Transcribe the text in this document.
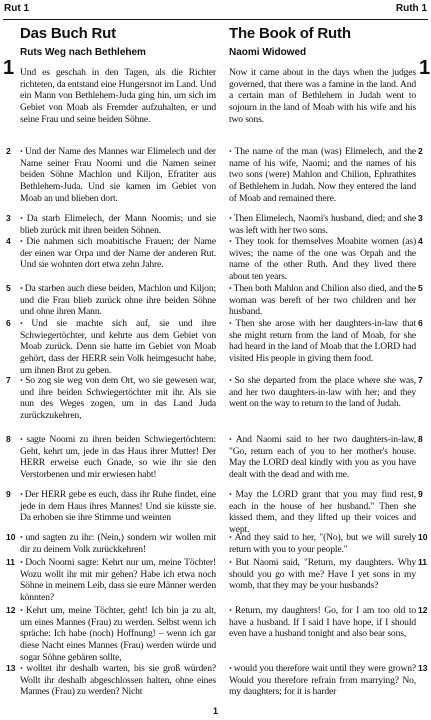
Rut 1	Ruth 1
1	1
Das Buch Rut
Ruts Weg nach Bethlehem
Und es geschah in den Tagen, als die Richter richteten, da entstand eine Hungersnot im Land. Und ein Mann von Bethlehem-Juda ging hin, um sich im Gebiet von Moab als Fremder aufzuhalten, er und seine Frau und seine beiden Söhne.
• Und der Name des Mannes war Elimelech und der Name seiner Frau Noomi und die Namen seiner beiden Söhne Machlon und Kiljon, Efratiter aus Bethlehem-Juda. Und sie kamen im Gebiet von Moab an und blieben dort.
• Da starb Elimelech, der Mann Noomis; und sie blieb zurück mit ihren beiden Söhnen.
• Die nahmen sich moabitische Frauen; der Name der einen war Orpa und der Name der anderen Rut. Und sie wohnten dort etwa zehn Jahre.
• Da starben auch diese beiden, Machlon und Kiljon; und die Frau blieb zurück ohne ihre beiden Söhne und ohne ihren Mann.
• Und sie machte sich auf, sie und ihre Schwiegertöchter, und kehrte aus dem Gebiet von Moab zurück. Denn sie hatte im Gebiet von Moab gehört, dass der HERR sein Volk heimgesucht habe, um ihnen Brot zu geben.
• So zog sie weg von dem Ort, wo sie gewesen war, und ihre beiden Schwiegertöchter mit ihr. Als sie nun des Weges zogen, um in das Land Juda zurückzukehren,
• sagte Noomi zu ihren beiden Schwiegertöchtern: Geht, kehrt um, jede in das Haus ihrer Mutter! Der HERR erweise euch Gnade, so wie ihr sie den Verstorbenen und mir erwiesen habt!
• Der HERR gebe es euch, dass ihr Ruhe findet, eine jede in dem Haus ihres Mannes! Und sie küsste sie. Da erhoben sie ihre Stimme und weinten
• und sagten zu ihr: (Nein,) sondern wir wollen mit dir zu deinem Volk zurückkehren!
• Doch Noomi sagte: Kehrt nur um, meine Töchter! Wozu wollt ihr mit mir gehen? Habe ich etwa noch Söhne in meinem Leib, dass sie eure Männer werden könnten?
• Kehrt um, meine Töchter, geht! Ich bin ja zu alt, um eines Mannes (Frau) zu werden. Selbst wenn ich spräche: Ich habe (noch) Hoffnung! – wenn ich gar diese Nacht eines Mannes (Frau) werden würde und sogar Söhne gebären sollte,
• wolltet ihr deshalb warten, bis sie groß würden? Wollt ihr deshalb abgeschlossen halten, ohne eines Mannes (Frau) zu werden? Nicht
The Book of Ruth
Naomi Widowed
Now it came about in the days when the judges governed, that there was a famine in the land. And a certain man of Bethlehem in Judah went to sojourn in the land of Moab with his wife and his two sons.
• The name of the man (was) Elimelech, and the name of his wife, Naomi; and the names of his two sons (were) Mahlon and Chilion, Ephrathites of Bethlehem in Judah. Now they entered the land of Moab and remained there.
• Then Elimelech, Naomi's husband, died; and she was left with her two sons.
• They took for themselves Moabite women (as) wives; the name of the one was Orpah and the name of the other Ruth. And they lived there about ten years.
• Then both Mahlon and Chilion also died, and the woman was bereft of her two children and her husband.
• Then she arose with her daughters-in-law that she might return from the land of Moab, for she had heard in the land of Moab that the LORD had visited His people in giving them food.
• So she departed from the place where she was, and her two daughters-in-law with her; and they went on the way to return to the land of Judah.
• And Naomi said to her two daughters-in-law, "Go, return each of you to her mother's house. May the LORD deal kindly with you as you have dealt with the dead and with me.
• May the LORD grant that you may find rest, each in the house of her husband." Then she kissed them, and they lifted up their voices and wept.
• And they said to her, "(No), but we will surely return with you to your people."
• But Naomi said, "Return, my daughters. Why should you go with me? Have I yet sons in my womb, that they may be your husbands?
• Return, my daughters! Go, for I am too old to have a husband. If I said I have hope, if I should even have a husband tonight and also bear sons,
• would you therefore wait until they were grown? Would you therefore refrain from marrying? No, my daughters; for it is harder
2
3
4
5
6
7
8
9
10
11
12
13
2
3
4
5
6
7
8
9
10
11
12
13
1
